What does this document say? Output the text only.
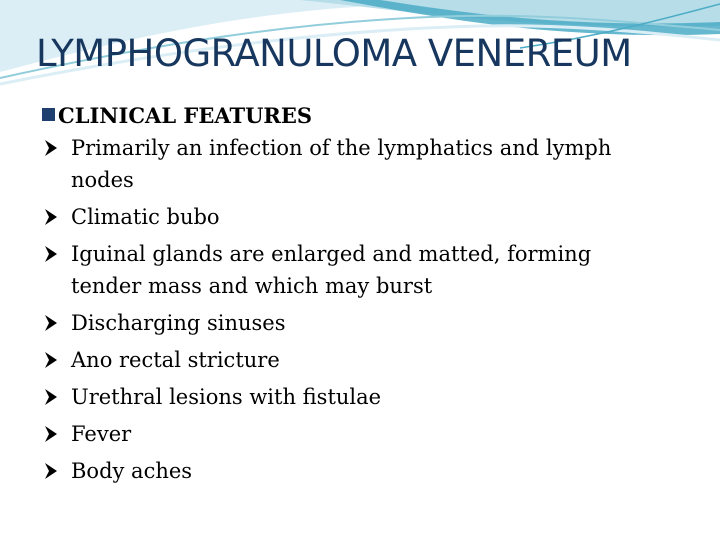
LYMPHOGRANULOMA VENEREUM
CLINICAL FEATURES
Primarily an infection of the lymphatics and lymph nodes
Climatic bubo
Iguinal glands are enlarged and matted, forming tender mass and which may burst
Discharging sinuses
Ano rectal stricture
Urethral lesions with fistulae
Fever
Body aches
